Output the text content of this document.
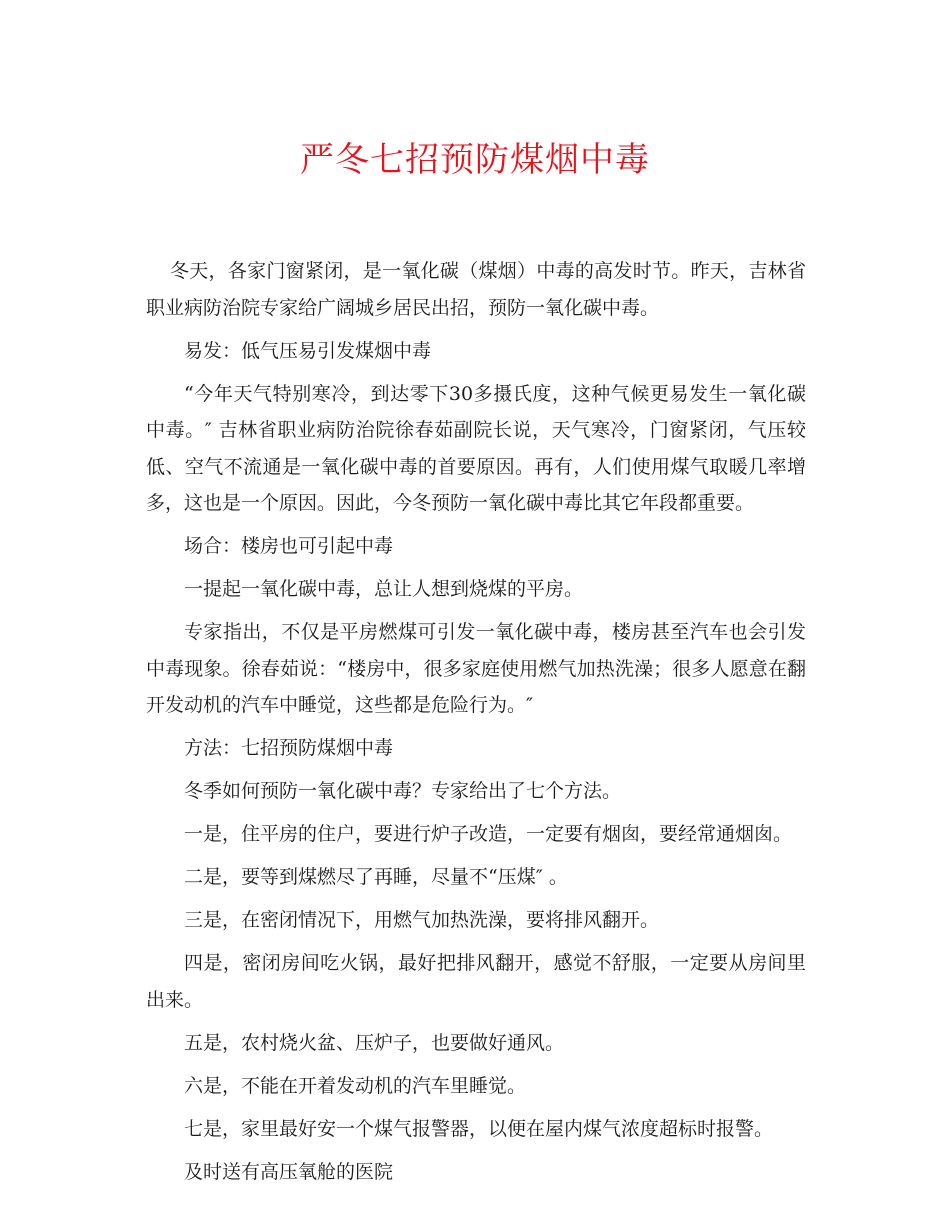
严冬七招预防煤烟中毒

冬天，各家门窗紧闭，是一氧化碳（煤烟）中毒的高发时节。昨天，吉林省职业病防治院专家给广阔城乡居民出招，预防一氧化碳中毒。

易发：低气压易引发煤烟中毒

“今年天气特别寒冷，到达零下30多摄氏度，这种气候更易发生一氧化碳中毒。″ 吉林省职业病防治院徐春茹副院长说，天气寒冷，门窗紧闭，气压较低、空气不流通是一氧化碳中毒的首要原因。再有，人们使用煤气取暖几率增多，这也是一个原因。因此，今冬预防一氧化碳中毒比其它年段都重要。

场合：楼房也可引起中毒

一提起一氧化碳中毒，总让人想到烧煤的平房。

专家指出，不仅是平房燃煤可引发一氧化碳中毒，楼房甚至汽车也会引发中毒现象。徐春茹说：“楼房中，很多家庭使用燃气加热洗澡；很多人愿意在翻开发动机的汽车中睡觉，这些都是危险行为。″

方法：七招预防煤烟中毒

冬季如何预防一氧化碳中毒？专家给出了七个方法。

一是，住平房的住户，要进行炉子改造，一定要有烟囱，要经常通烟囱。

二是，要等到煤燃尽了再睡，尽量不“压煤″ 。

三是，在密闭情况下，用燃气加热洗澡，要将排风翻开。

四是，密闭房间吃火锅，最好把排风翻开，感觉不舒服，一定要从房间里出来。

五是，农村烧火盆、压炉子，也要做好通风。

六是，不能在开着发动机的汽车里睡觉。

七是，家里最好安一个煤气报警器，以便在屋内煤气浓度超标时报警。

及时送有高压氧舱的医院
